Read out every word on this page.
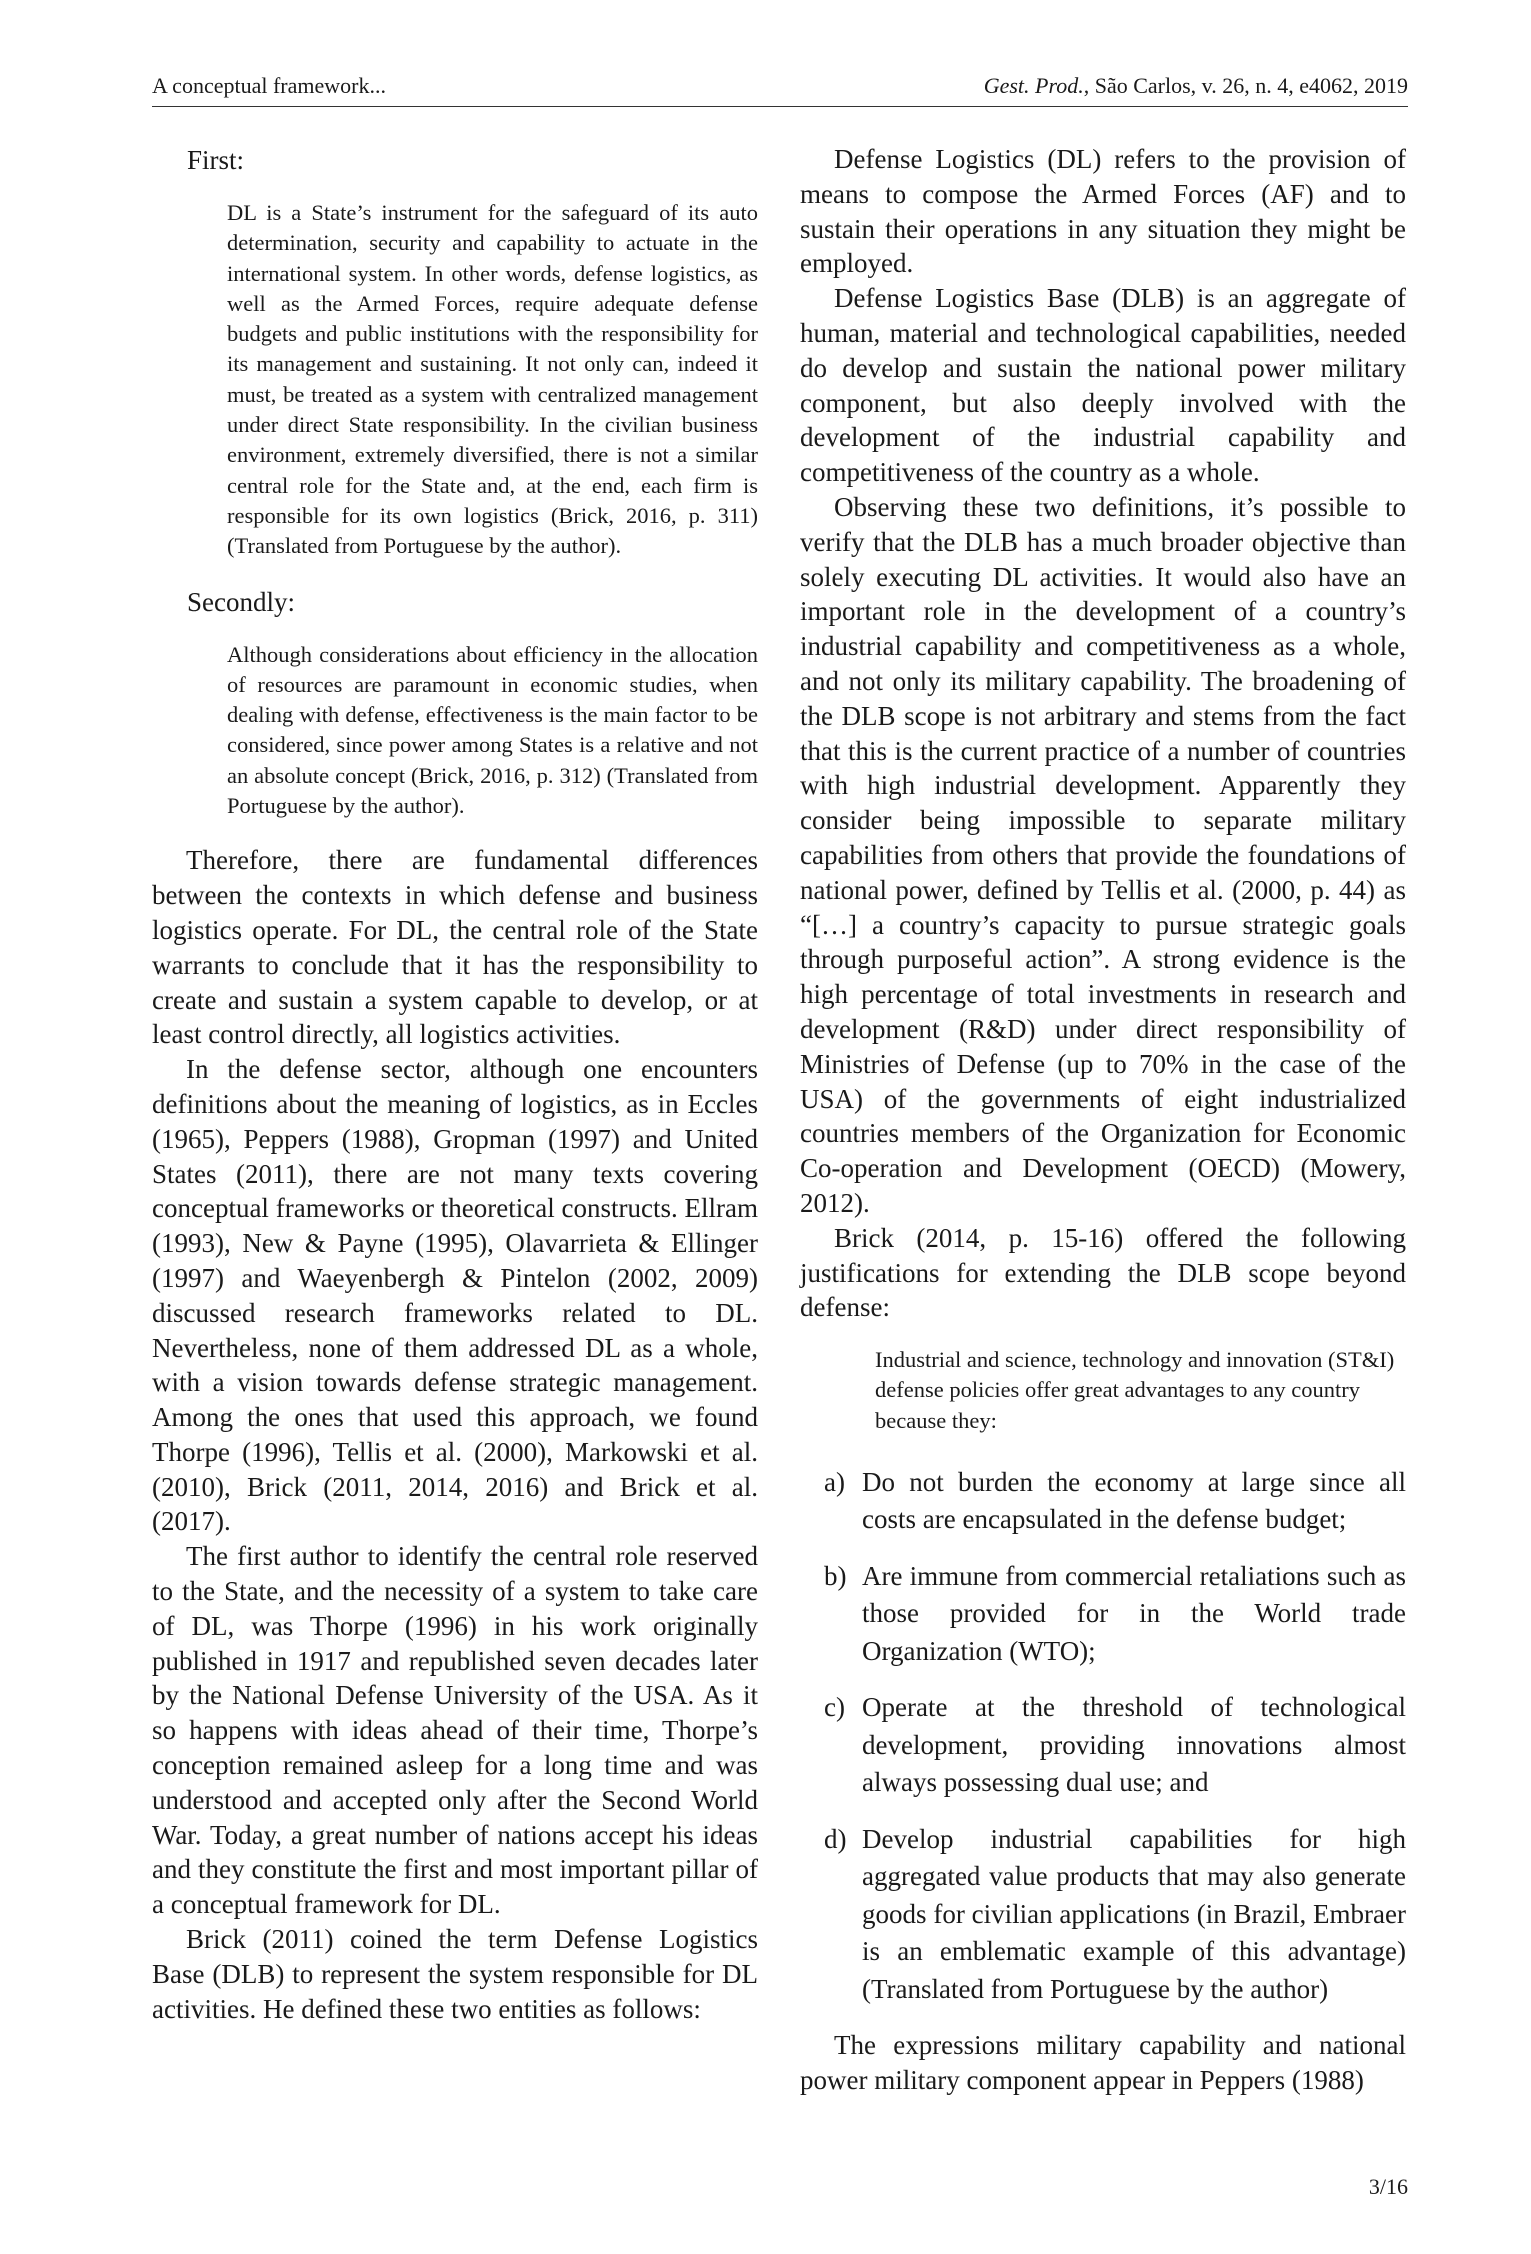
A conceptual framework...	Gest. Prod., São Carlos, v. 26, n. 4, e4062, 2019

First:

DL is a State’s instrument for the safeguard of its auto determination, security and capability to actuate in the international system. In other words, defense logistics, as well as the Armed Forces, require adequate defense budgets and public institutions with the responsibility for its management and sustaining. It not only can, indeed it must, be treated as a system with centralized management under direct State responsibility. In the civilian business environment, extremely diversified, there is not a similar central role for the State and, at the end, each firm is responsible for its own logistics (Brick, 2016, p. 311) (Translated from Portuguese by the author).

Secondly:

Although considerations about efficiency in the allocation of resources are paramount in economic studies, when dealing with defense, effectiveness is the main factor to be considered, since power among States is a relative and not an absolute concept (Brick, 2016, p. 312) (Translated from Portuguese by the author).

Therefore, there are fundamental differences between the contexts in which defense and business logistics operate. For DL, the central role of the State warrants to conclude that it has the responsibility to create and sustain a system capable to develop, or at least control directly, all logistics activities.

In the defense sector, although one encounters definitions about the meaning of logistics, as in Eccles (1965), Peppers (1988), Gropman (1997) and United States (2011), there are not many texts covering conceptual frameworks or theoretical constructs. Ellram (1993), New & Payne (1995), Olavarrieta & Ellinger (1997) and Waeyenbergh & Pintelon (2002, 2009) discussed research frameworks related to DL. Nevertheless, none of them addressed DL as a whole, with a vision towards defense strategic management. Among the ones that used this approach, we found Thorpe (1996), Tellis et al. (2000), Markowski et al. (2010), Brick (2011, 2014, 2016) and Brick et al. (2017).

The first author to identify the central role reserved to the State, and the necessity of a system to take care of DL, was Thorpe (1996) in his work originally published in 1917 and republished seven decades later by the National Defense University of the USA. As it so happens with ideas ahead of their time, Thorpe’s conception remained asleep for a long time and was understood and accepted only after the Second World War. Today, a great number of nations accept his ideas and they constitute the first and most important pillar of a conceptual framework for DL.

Brick (2011) coined the term Defense Logistics Base (DLB) to represent the system responsible for DL activities. He defined these two entities as follows:

Defense Logistics (DL) refers to the provision of means to compose the Armed Forces (AF) and to sustain their operations in any situation they might be employed.

Defense Logistics Base (DLB) is an aggregate of human, material and technological capabilities, needed do develop and sustain the national power military component, but also deeply involved with the development of the industrial capability and competitiveness of the country as a whole.

Observing these two definitions, it’s possible to verify that the DLB has a much broader objective than solely executing DL activities. It would also have an important role in the development of a country’s industrial capability and competitiveness as a whole, and not only its military capability. The broadening of the DLB scope is not arbitrary and stems from the fact that this is the current practice of a number of countries with high industrial development. Apparently they consider being impossible to separate military capabilities from others that provide the foundations of national power, defined by Tellis et al. (2000, p. 44) as “[…] a country’s capacity to pursue strategic goals through purposeful action”. A strong evidence is the high percentage of total investments in research and development (R&D) under direct responsibility of Ministries of Defense (up to 70% in the case of the USA) of the governments of eight industrialized countries members of the Organization for Economic Co-operation and Development (OECD) (Mowery, 2012).

Brick (2014, p. 15-16) offered the following justifications for extending the DLB scope beyond defense:

Industrial and science, technology and innovation (ST&I) defense policies offer great advantages to any country because they:

a) Do not burden the economy at large since all costs are encapsulated in the defense budget;
b) Are immune from commercial retaliations such as those provided for in the World trade Organization (WTO);
c) Operate at the threshold of technological development, providing innovations almost always possessing dual use; and
d) Develop industrial capabilities for high aggregated value products that may also generate goods for civilian applications (in Brazil, Embraer is an emblematic example of this advantage) (Translated from Portuguese by the author)

The expressions military capability and national power military component appear in Peppers (1988)

3/16
